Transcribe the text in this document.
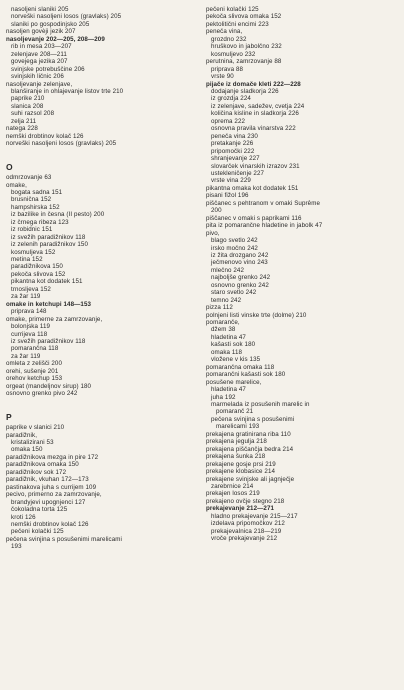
nasoljeni slaniki 205
norveški nasoljeni losos (gravlaks) 205
slaniki po gospodinjsko 205
nasoljen govėji jezik 207
nasoljevanje 202—205, 208—209
rib in mesa 203—207
zelenjave 208—211
govejega jezika 207
svinjske potrebuščine 206
svinjskih ličnic 206
nasoljevanje zelenjave,
blanširanje in ohlajevanje listov trte 210
paprike 210
slanica 208
suhi razsol 208
zelja 211
natega 228
nemški drobtinov kolač 126
norveški nasoljeni losos (gravlaks) 205
O
odmrzovanje 63
omake,
bogata sadna 151
brusnična 152
hampshirska 152
iz bazilike in česna (II pesto) 200
iz črnega ribeza 123
iz robidnic 151
iz svežih paradižnikov 118
iz zelenih paradižnikov 150
kosmuljeva 152
metina 152
paradižnikova 150
pekoča slivova 152
pikantna kot dodatek 151
trnosljeva 152
za žar 119
omake in ketchupi 148—153
priprava 148
omake, primerne za zamrzovanje,
bolonjska 119
currijeva 118
iz svežih paradižnikov 118
pomarančna 118
za žar 119
omleta z zelišči 200
orehi, sušenje 201
orehov ketchup 153
orgeat (mandeljnov sirup) 180
osnovno grenko pivo 242
P
paprike v slanici 210
paradižnik,
kristalizirani 53
omaka 150
paradižnikova mezga in pire 172
paradižnikova omaka 150
paradižnikov sok 172
paradižnik, vkuhan 172—173
pastinakova juha s currijem 109
pecivo, primerno za zamrzovanje,
brandyjevi upognjenci 127
čokoladna torta 125
kroti 126
nemški drobtinov kolač 126
pečeni kolački 125
pečena svinjina s posušenimi marelicami
193
pečeni kolački 125
pekoča slivova omaka 152
pektolitični encimi 223
penečа vina,
grozdno 232
hruškovo in jabolčno 232
kosmuljevo 232
perutnina, zamrzovanje 88
priprava 88
vrste 90
pijače iz domače kleti 222—228
dodajanje sladkorja 226
iz grozdja 224
iz zelenjave, sadežev, cvetja 224
količina kisline in sladkorja 226
oprema 222
osnovna pravila vinarstva 222
peneča vina 230
pretakanje 226
pripomočki 222
shranjevanje 227
slovarček vinarskih izrazov 231
ustekleničenje 227
vrste vina 229
pikantna omaka kot dodatek 151
pisani fižol 196
piščanec s pehtranom v omaki Suprême
200
piščanec v omaki s paprikami 116
pita iz pomarančne hladetine in jabolk 47
pivo,
blago svetlo 242
irsko močno 242
iz žita drozgano 242
ječmenovo vino 243
mlečno 242
najboljše grenko 242
osnovno grenko 242
staro svetlo 242
temno 242
pizza 112
polnjeni listi vinske trte (dolme) 210
pomaranče,
džem 38
hladetina 47
kašasti sok 180
omaka 118
vložene v kis 135
pomarančna omaka 118
pomarančni kašasti sok 180
posušene marelice,
hladetina 47
juha 192
marmelada iz posušenih marelic in
pomaranč 21
pečena svinjina s posušenimi
marelicami 193
prekajena gratinirana riba 110
prekajena jegulja 218
prekajena piščančja bedra 214
prekajena šunka 218
prekajene gosje prsi 219
prekajene klobasice 214
prekajene svinjske ali jagnječje
zarebrnice 214
prekajen losos 219
prekajeno ovčje stegno 218
prekajevanje 212—271
hladno prekajevanje 215—217
izdelava pripomočkov 212
prekajevalnica 218—219
vroče prekajevanje 212
